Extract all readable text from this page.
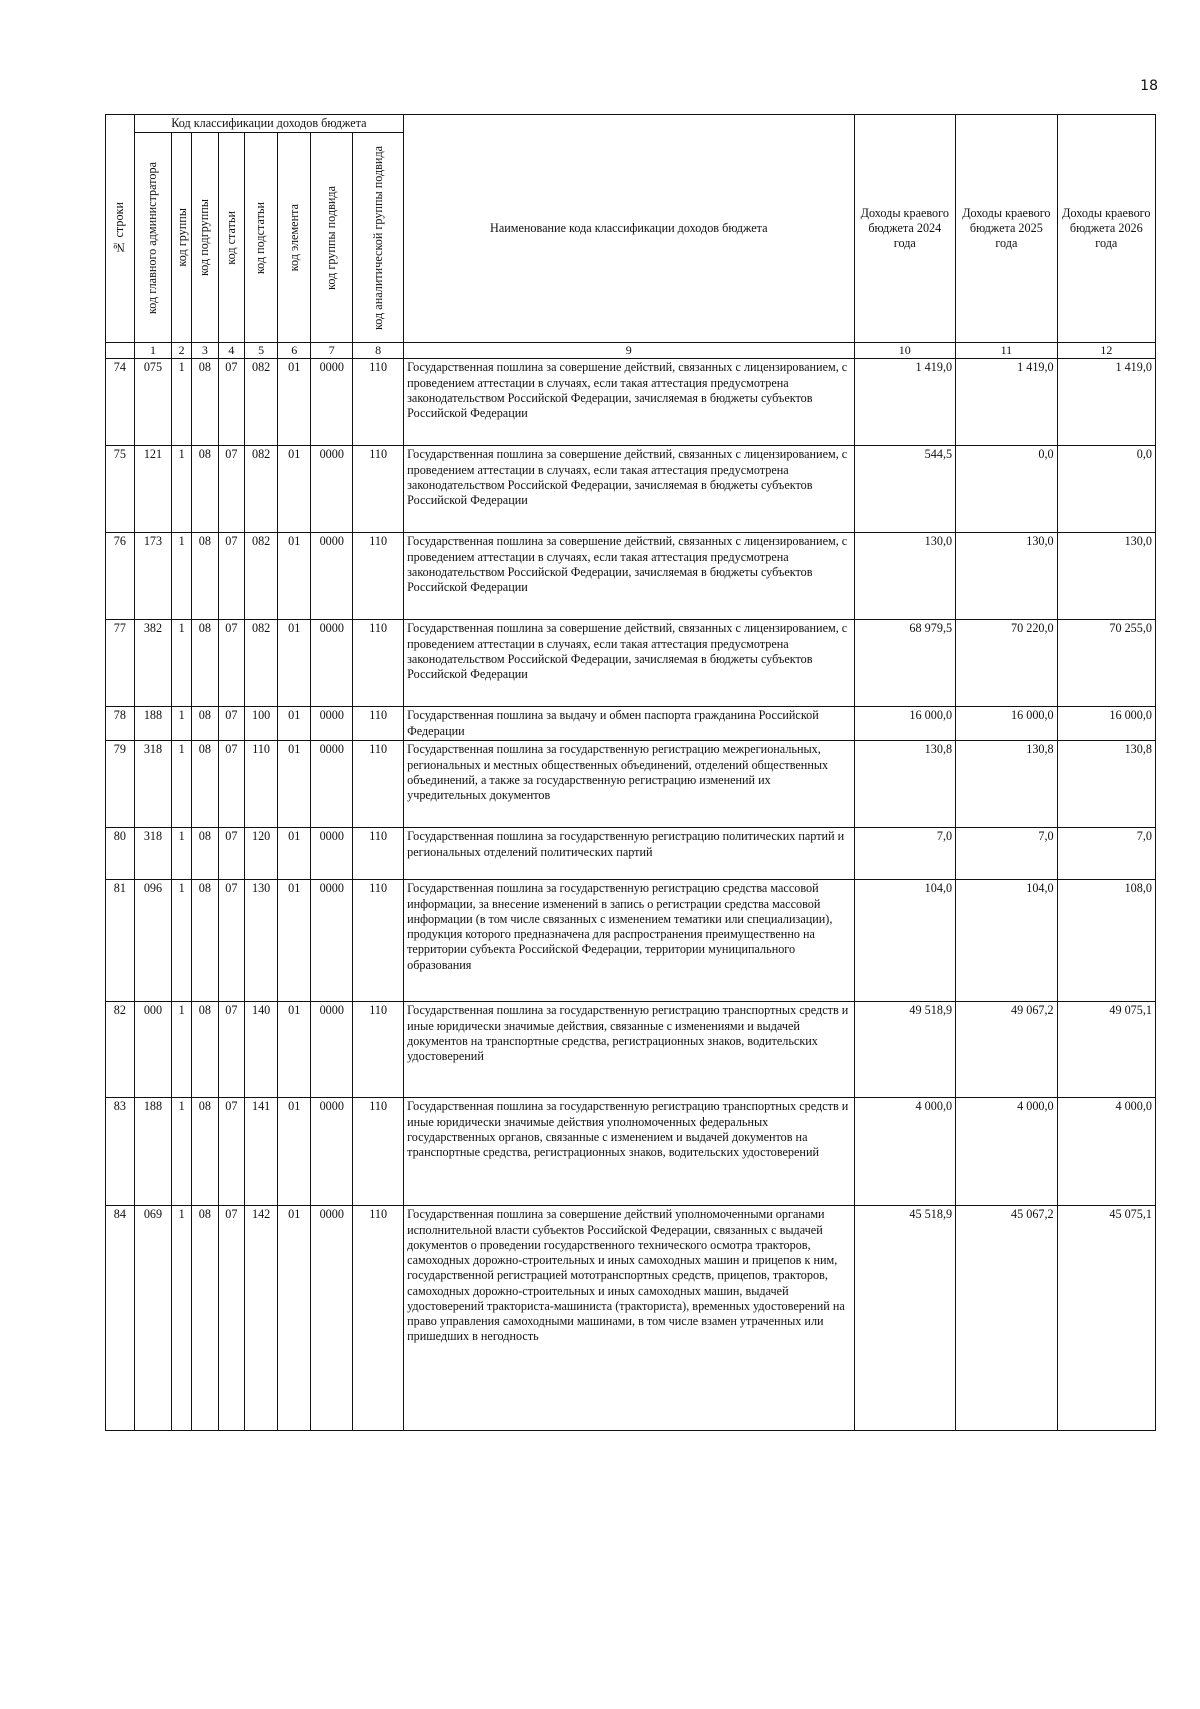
18
№ строки	Код классификации доходов бюджета								Наименование кода классификации доходов бюджета	Доходы краевого бюджета 2024 года	Доходы краевого бюджета 2025 года	Доходы краевого бюджета 2026 года

	код главного администратора	код группы	код подгруппы	код статьи	код подстатьи	код элемента	код группы подвида	код аналитической группы подвида				

	1	2	3	4	5	6	7	8	9	10	11	12
74	075	1	08	07	082	01	0000	110	Государственная пошлина за совершение действий, связанных с лицензированием, с проведением аттестации в случаях, если такая аттестация предусмотрена законодательством Российской Федерации, зачисляемая в бюджеты субъектов Российской Федерации	1 419,0	1 419,0	1 419,0
75	121	1	08	07	082	01	0000	110	Государственная пошлина за совершение действий, связанных с лицензированием, с проведением аттестации в случаях, если такая аттестация предусмотрена законодательством Российской Федерации, зачисляемая в бюджеты субъектов Российской Федерации	544,5	0,0	0,0
76	173	1	08	07	082	01	0000	110	Государственная пошлина за совершение действий, связанных с лицензированием, с проведением аттестации в случаях, если такая аттестация предусмотрена законодательством Российской Федерации, зачисляемая в бюджеты субъектов Российской Федерации	130,0	130,0	130,0
77	382	1	08	07	082	01	0000	110	Государственная пошлина за совершение действий, связанных с лицензированием, с проведением аттестации в случаях, если такая аттестация предусмотрена законодательством Российской Федерации, зачисляемая в бюджеты субъектов Российской Федерации	68 979,5	70 220,0	70 255,0
78	188	1	08	07	100	01	0000	110	Государственная пошлина за выдачу и обмен паспорта гражданина Российской Федерации	16 000,0	16 000,0	16 000,0
79	318	1	08	07	110	01	0000	110	Государственная пошлина за государственную регистрацию межрегиональных, региональных и местных общественных объединений, отделений общественных объединений, а также за государственную регистрацию изменений их учредительных документов	130,8	130,8	130,8
80	318	1	08	07	120	01	0000	110	Государственная пошлина за государственную регистрацию политических партий и региональных отделений политических партий	7,0	7,0	7,0
81	096	1	08	07	130	01	0000	110	Государственная пошлина за государственную регистрацию средства массовой информации, за внесение изменений в запись о регистрации средства массовой информации (в том числе связанных с изменением тематики или специализации), продукция которого предназначена для распространения преимущественно на территории субъекта Российской Федерации, территории муниципального образования	104,0	104,0	108,0
82	000	1	08	07	140	01	0000	110	Государственная пошлина за государственную регистрацию транспортных средств и иные юридически значимые действия, связанные с изменениями и выдачей документов на транспортные средства, регистрационных знаков, водительских удостоверений	49 518,9	49 067,2	49 075,1
83	188	1	08	07	141	01	0000	110	Государственная пошлина за государственную регистрацию транспортных средств и иные юридически значимые действия уполномоченных федеральных государственных органов, связанные с изменением и выдачей документов на транспортные средства, регистрационных знаков, водительских удостоверений	4 000,0	4 000,0	4 000,0
84	069	1	08	07	142	01	0000	110	Государственная пошлина за совершение действий уполномоченными органами исполнительной власти субъектов Российской Федерации, связанных с выдачей документов о проведении государственного технического осмотра тракторов, самоходных дорожно-строительных и иных самоходных машин и прицепов к ним, государственной регистрацией мототранспортных средств, прицепов, тракторов, самоходных дорожно-строительных и иных самоходных машин, выдачей удостоверений тракториста-машиниста (тракториста), временных удостоверений на право управления самоходными машинами, в том числе взамен утраченных или пришедших в негодность	45 518,9	45 067,2	45 075,1
